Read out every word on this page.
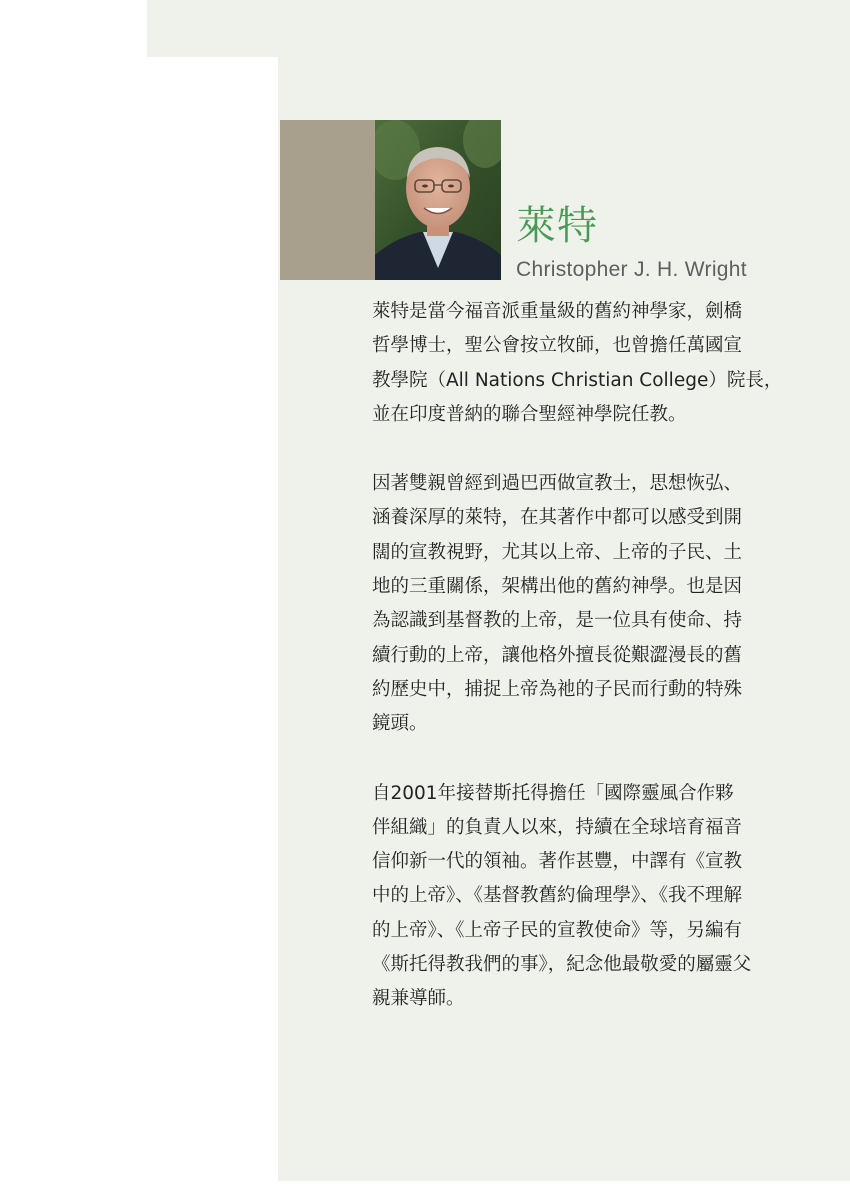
萊特
Christopher J. H. Wright

萊特是當今福音派重量級的舊約神學家，劍橋
哲學博士，聖公會按立牧師，也曾擔任萬國宣
教學院（All Nations Christian College）院長，
並在印度普納的聯合聖經神學院任教。

因著雙親曾經到過巴西做宣教士，思想恢弘、
涵養深厚的萊特，在其著作中都可以感受到開
闊的宣教視野，尤其以上帝、上帝的子民、土
地的三重關係，架構出他的舊約神學。也是因
為認識到基督教的上帝，是一位具有使命、持
續行動的上帝，讓他格外擅長從艱澀漫長的舊
約歷史中，捕捉上帝為祂的子民而行動的特殊
鏡頭。

自2001年接替斯托得擔任「國際靈風合作夥
伴組織」的負責人以來，持續在全球培育福音
信仰新一代的領袖。著作甚豐，中譯有《宣教
中的上帝》、《基督教舊約倫理學》、《我不理解
的上帝》、《上帝子民的宣教使命》等，另編有
《斯托得教我們的事》，紀念他最敬愛的屬靈父
親兼導師。
